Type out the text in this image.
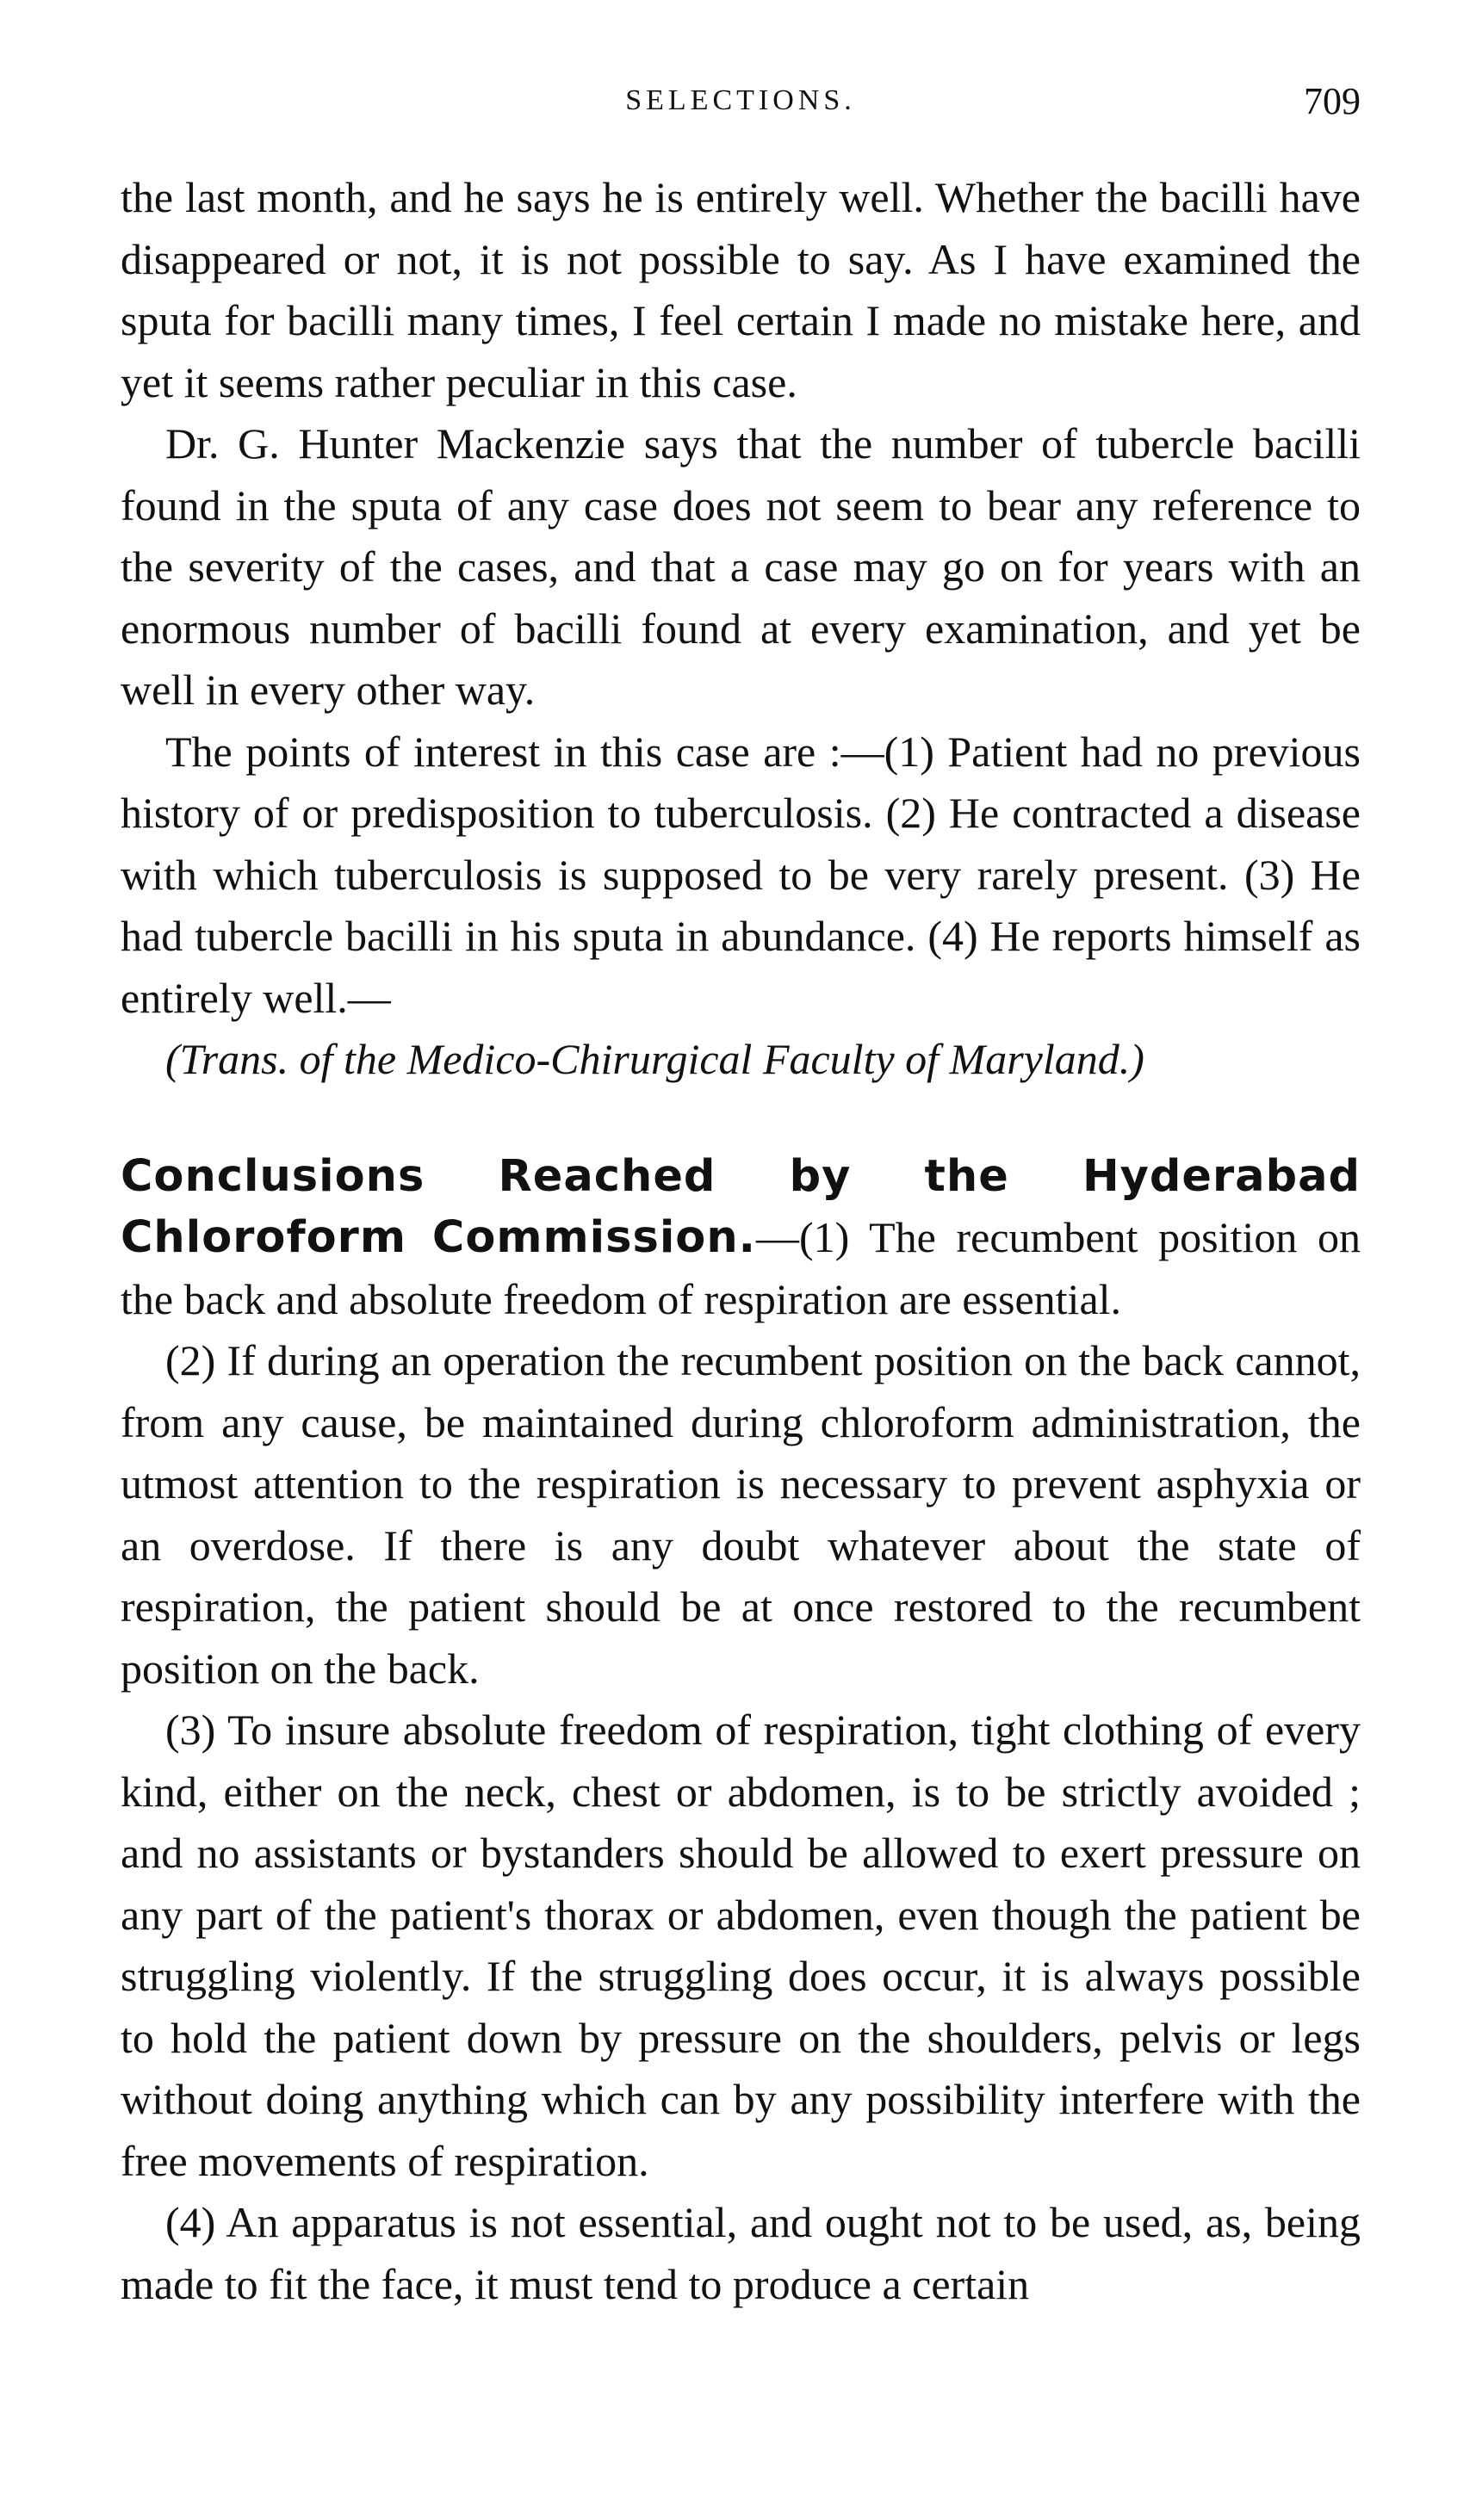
SELECTIONS.	709

the last month, and he says he is entirely well. Whether the bacilli have disappeared or not, it is not possible to say. As I have examined the sputa for bacilli many times, I feel certain I made no mistake here, and yet it seems rather peculiar in this case.

Dr. G. Hunter Mackenzie says that the number of tubercle bacilli found in the sputa of any case does not seem to bear any reference to the severity of the cases, and that a case may go on for years with an enormous number of bacilli found at every examination, and yet be well in every other way.

The points of interest in this case are :—(1) Patient had no previous history of or predisposition to tuberculosis. (2) He contracted a disease with which tuberculosis is supposed to be very rarely present. (3) He had tubercle bacilli in his sputa in abundance. (4) He reports himself as entirely well.—
(Trans. of the Medico-Chirurgical Faculty of Maryland.)

Conclusions Reached by the Hyderabad Chloroform Commission.—(1) The recumbent position on the back and absolute freedom of respiration are essential.

(2) If during an operation the recumbent position on the back cannot, from any cause, be maintained during chloroform administration, the utmost attention to the respiration is necessary to prevent asphyxia or an overdose. If there is any doubt whatever about the state of respiration, the patient should be at once restored to the recumbent position on the back.

(3) To insure absolute freedom of respiration, tight clothing of every kind, either on the neck, chest or abdomen, is to be strictly avoided ; and no assistants or bystanders should be allowed to exert pressure on any part of the patient's thorax or abdomen, even though the patient be struggling violently. If the struggling does occur, it is always possible to hold the patient down by pressure on the shoulders, pelvis or legs without doing anything which can by any possibility interfere with the free movements of respiration.

(4) An apparatus is not essential, and ought not to be used, as, being made to fit the face, it must tend to produce a certain
